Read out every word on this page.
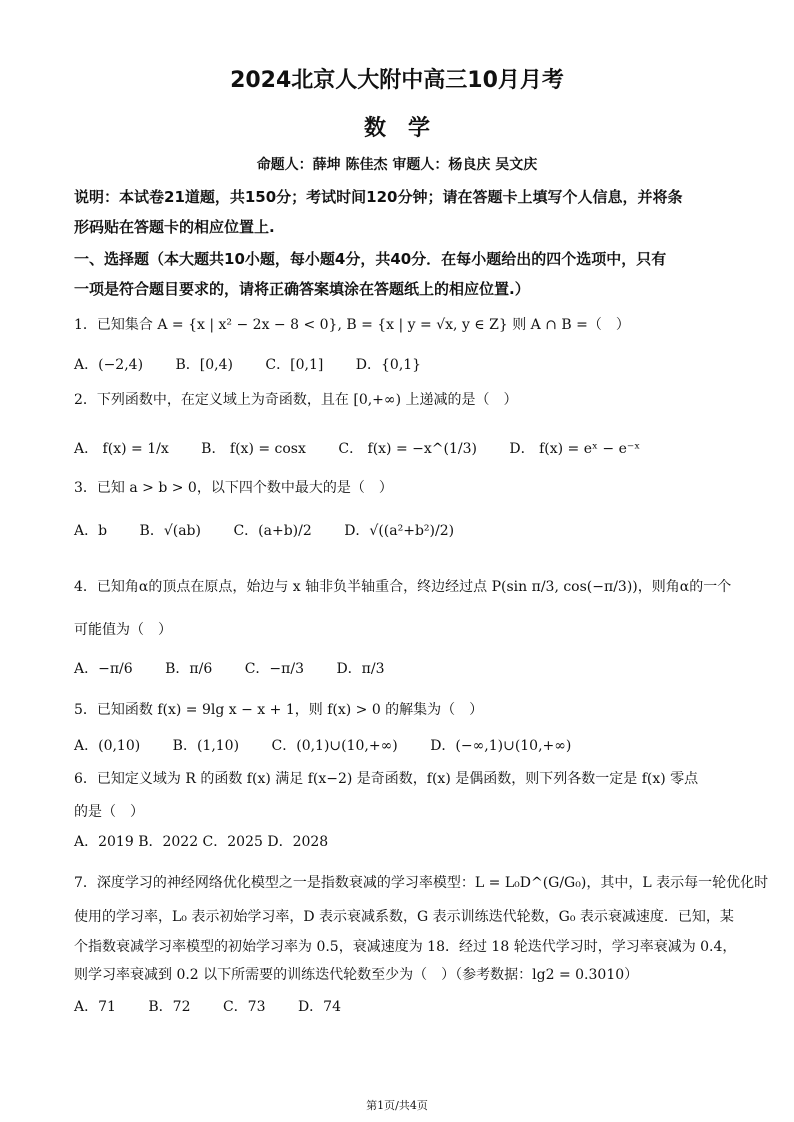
2024北京人大附中高三10月月考
数　学
命题人：薛坤 陈佳杰 审题人：杨良庆 吴文庆
说明：本试卷21道题，共150分；考试时间120分钟；请在答题卡上填写个人信息，并将条
形码贴在答题卡的相应位置上.
一、选择题（本大题共10小题，每小题4分，共40分．在每小题给出的四个选项中，只有
一项是符合题目要求的，请将正确答案填涂在答题纸上的相应位置.）
1．已知集合 A = {x | x² − 2x − 8 < 0}, B = {x | y = √x, y ∈ Z} 则 A ∩ B =（　）
A．(−2,4) B．[0,4) C．[0,1] D．{0,1}
2．下列函数中，在定义域上为奇函数，且在 [0,+∞) 上递减的是（　）
A． f(x) = 1/x B． f(x) = cosx C． f(x) = −x^(1/3) D． f(x) = eˣ − e⁻ˣ
3．已知 a > b > 0，以下四个数中最大的是（　）
A．b B．√(ab) C．(a+b)/2 D．√((a²+b²)/2)
4．已知角α的顶点在原点，始边与 x 轴非负半轴重合，终边经过点 P(sin π/3, cos(−π/3))，则角α的一个
可能值为（　）
A．−π/6 B．π/6 C．−π/3 D．π/3
5．已知函数 f(x) = 9lg x − x + 1，则 f(x) > 0 的解集为（　）
A．(0,10) B．(1,10) C．(0,1)∪(10,+∞) D．(−∞,1)∪(10,+∞)
6．已知定义域为 R 的函数 f(x) 满足 f(x−2) 是奇函数，f(x) 是偶函数，则下列各数一定是 f(x) 零点
的是（　）
A．2019 B．2022 C．2025 D．2028
7．深度学习的神经网络优化模型之一是指数衰减的学习率模型：L = L₀D^(G/G₀)，其中，L 表示每一轮优化时
使用的学习率，L₀ 表示初始学习率，D 表示衰减系数，G 表示训练迭代轮数，G₀ 表示衰减速度．已知，某
个指数衰减学习率模型的初始学习率为 0.5，衰减速度为 18．经过 18 轮迭代学习时，学习率衰减为 0.4，
则学习率衰减到 0.2 以下所需要的训练迭代轮数至少为（　）（参考数据：lg2 = 0.3010）
A．71 B．72 C．73 D．74
第1页/共4页
